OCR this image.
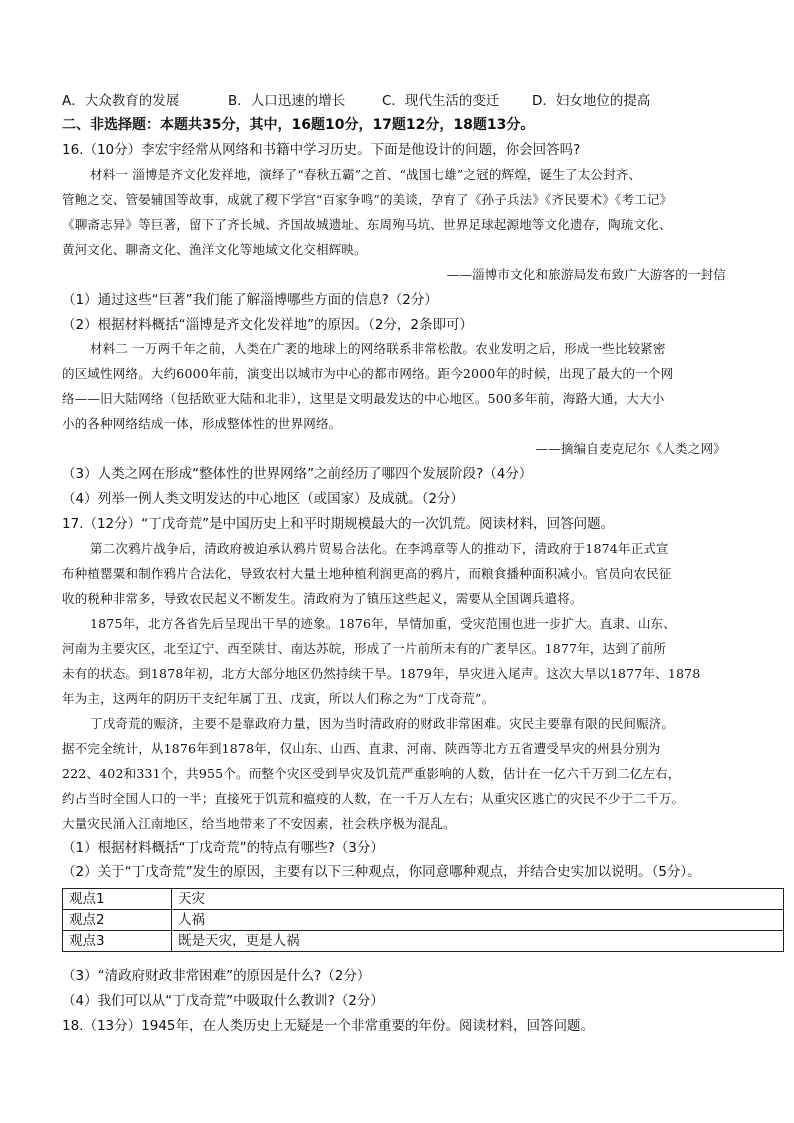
A．大众教育的发展	B．人口迅速的增长	C．现代生活的变迁 D．妇女地位的提高
二、非选择题：本题共35分，其中，16题10分，17题12分，18题13分。
16.（10分）李宏宇经常从网络和书籍中学习历史。下面是他设计的问题，你会回答吗?
材料一 淄博是齐文化发祥地，演绎了“春秋五霸”之首、“战国七雄”之冠的辉煌，诞生了太公封齐、
管鲍之交、管晏辅国等故事，成就了稷下学宫“百家争鸣”的美谈，孕育了《孙子兵法》《齐民要术》《考工记》
《聊斋志异》等巨著，留下了齐长城、齐国故城遗址、东周殉马坑、世界足球起源地等文化遗存，陶琉文化、
黄河文化、聊斋文化、渔洋文化等地域文化交相辉映。
——淄博市文化和旅游局发布致广大游客的一封信
（1）通过这些“巨著”我们能了解淄博哪些方面的信息?（2分）
（2）根据材料概括“淄博是齐文化发祥地”的原因。（2分，2条即可）
材料二 一万两千年之前，人类在广袤的地球上的网络联系非常松散。农业发明之后，形成一些比较紧密
的区域性网络。大约6000年前，演变出以城市为中心的都市网络。距今2000年的时候，出现了最大的一个网
络——旧大陆网络（包括欧亚大陆和北非），这里是文明最发达的中心地区。500多年前，海路大通，大大小
小的各种网络结成一体，形成整体性的世界网络。
——摘编自麦克尼尔《人类之网》
（3）人类之网在形成“整体性的世界网络”之前经历了哪四个发展阶段?（4分）
（4）列举一例人类文明发达的中心地区（或国家）及成就。（2分）
17.（12分）“丁戊奇荒”是中国历史上和平时期规模最大的一次饥荒。阅读材料，回答问题。
第二次鸦片战争后，清政府被迫承认鸦片贸易合法化。在李鸿章等人的推动下，清政府于1874年正式宣
布种植罂粟和制作鸦片合法化，导致农村大量土地种植利润更高的鸦片，而粮食播种面积减小。官员向农民征
收的税种非常多，导致农民起义不断发生。清政府为了镇压这些起义，需要从全国调兵遣将。
1875年，北方各省先后呈现出干旱的迹象。1876年，旱情加重，受灾范围也进一步扩大。直隶、山东、
河南为主要灾区，北至辽宁、西至陕甘、南达苏皖，形成了一片前所未有的广袤旱区。1877年，达到了前所
未有的状态。到1878年初，北方大部分地区仍然持续干旱。1879年，旱灾进入尾声。这次大旱以1877年、1878
年为主，这两年的阴历干支纪年属丁丑、戊寅，所以人们称之为“丁戊奇荒”。
丁戊奇荒的赈济，主要不是靠政府力量，因为当时清政府的财政非常困难。灾民主要靠有限的民间赈济。
据不完全统计，从1876年到1878年，仅山东、山西、直隶、河南、陕西等北方五省遭受旱灾的州县分别为
222、402和331个，共955个。而整个灾区受到旱灾及饥荒严重影响的人数，估计在一亿六千万到二亿左右，
约占当时全国人口的一半；直接死于饥荒和瘟疫的人数，在一千万人左右；从重灾区逃亡的灾民不少于二千万。
大量灾民涌入江南地区，给当地带来了不安因素，社会秩序极为混乱。
（1）根据材料概括“丁戊奇荒”的特点有哪些?（3分）
（2）关于“丁戊奇荒”发生的原因，主要有以下三种观点，你同意哪种观点，并结合史实加以说明。（5分）。
观点1	天灾
观点2	人祸
观点3	既是天灾，更是人祸
（3）“清政府财政非常困难”的原因是什么?（2分）
（4）我们可以从“丁戊奇荒”中吸取什么教训?（2分）
18.（13分）1945年，在人类历史上无疑是一个非常重要的年份。阅读材料，回答问题。
